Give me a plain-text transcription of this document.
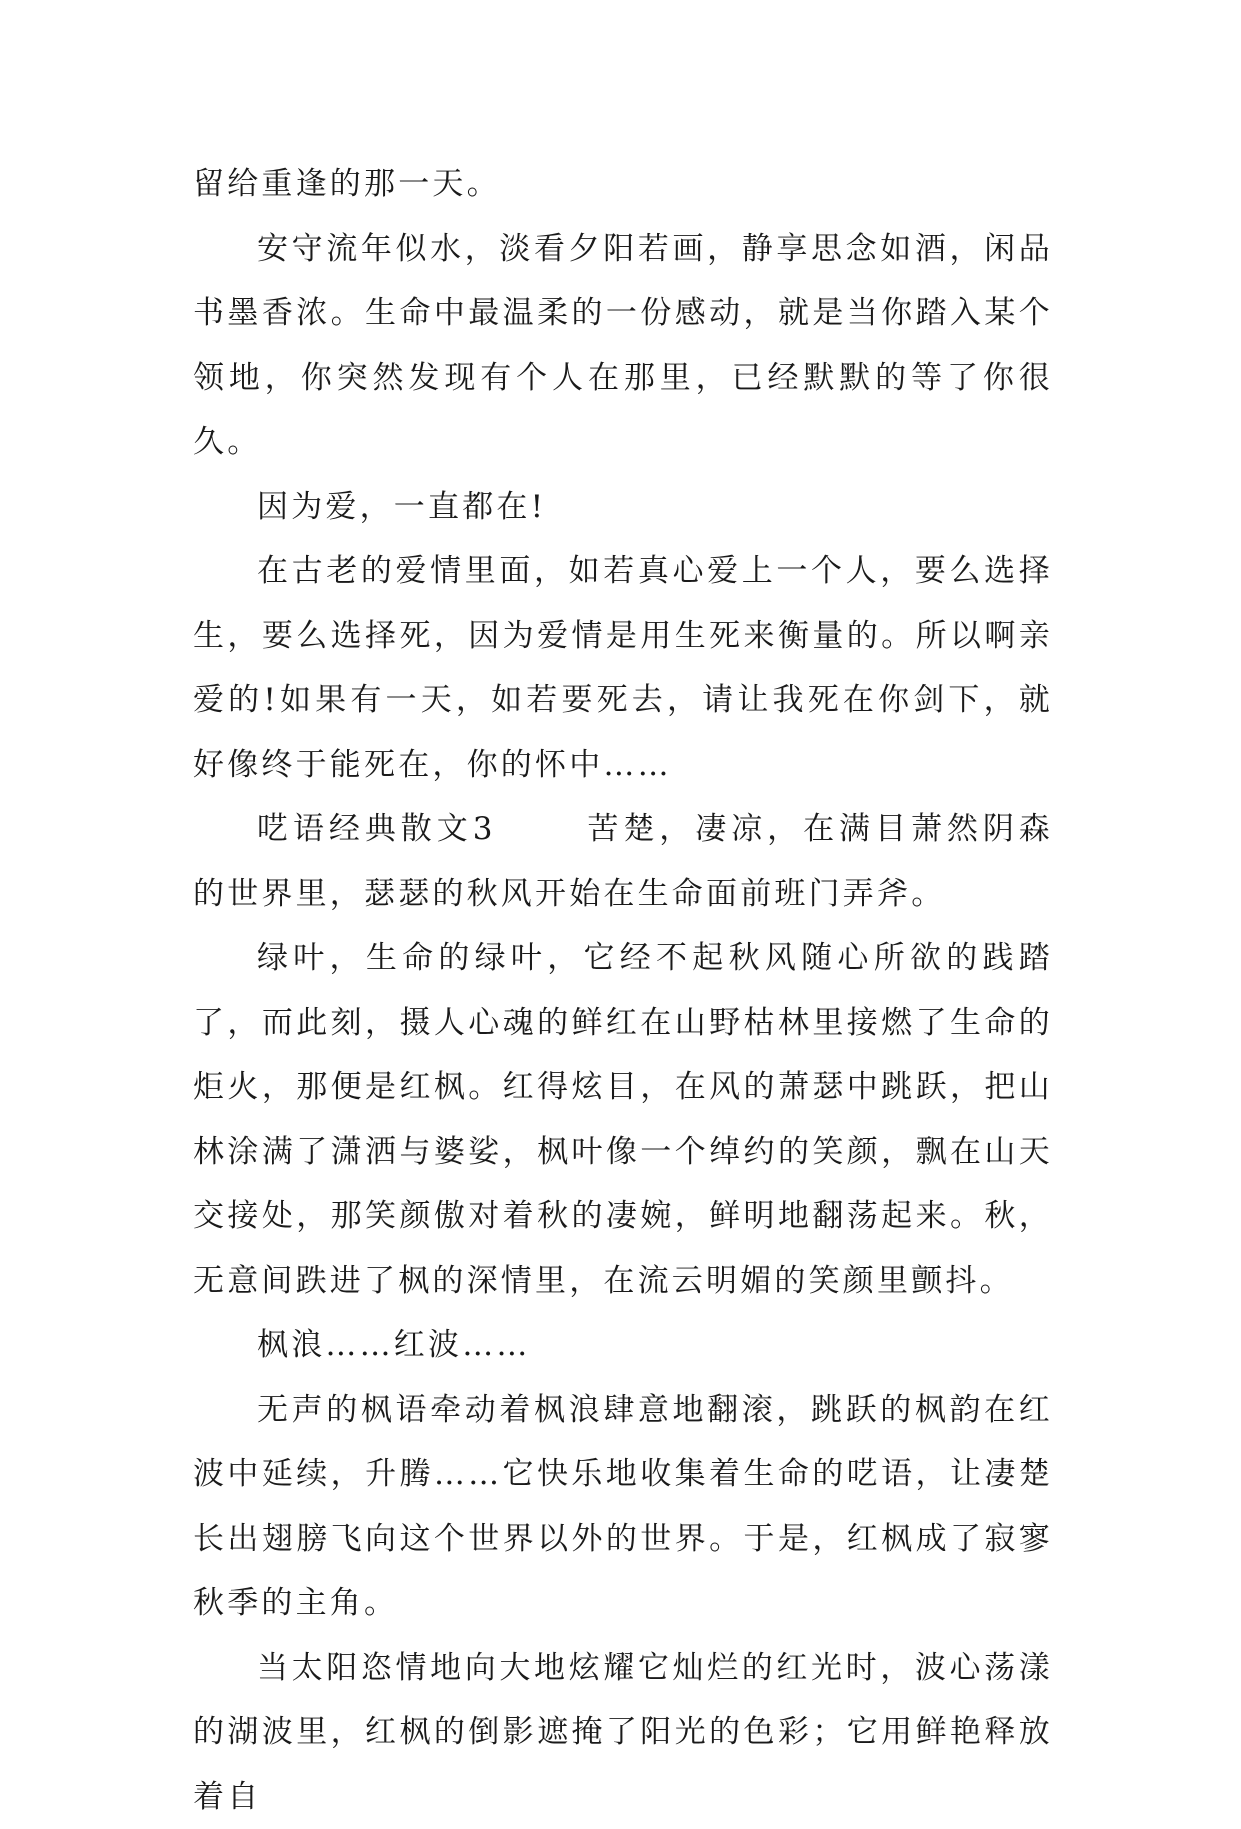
留给重逢的那一天。

安守流年似水，淡看夕阳若画，静享思念如酒，闲品书墨香浓。生命中最温柔的一份感动，就是当你踏入某个领地，你突然发现有个人在那里，已经默默的等了你很久。

因为爱，一直都在!

在古老的爱情里面，如若真心爱上一个人，要么选择生，要么选择死，因为爱情是用生死来衡量的。所以啊亲爱的!如果有一天，如若要死去，请让我死在你剑下，就好像终于能死在，你的怀中……

呓语经典散文3	苦楚，凄凉，在满目萧然阴森的世界里，瑟瑟的秋风开始在生命面前班门弄斧。

绿叶，生命的绿叶，它经不起秋风随心所欲的践踏了，而此刻，摄人心魂的鲜红在山野枯林里接燃了生命的炬火，那便是红枫。红得炫目，在风的萧瑟中跳跃，把山林涂满了潇洒与婆娑，枫叶像一个绰约的笑颜，飘在山天交接处，那笑颜傲对着秋的凄婉，鲜明地翻荡起来。秋，无意间跌进了枫的深情里，在流云明媚的笑颜里颤抖。

枫浪……红波……

无声的枫语牵动着枫浪肆意地翻滚，跳跃的枫韵在红波中延续，升腾……它快乐地收集着生命的呓语，让凄楚长出翅膀飞向这个世界以外的世界。于是，红枫成了寂寥秋季的主角。

当太阳恣情地向大地炫耀它灿烂的红光时，波心荡漾的湖波里，红枫的倒影遮掩了阳光的色彩；它用鲜艳释放着自
